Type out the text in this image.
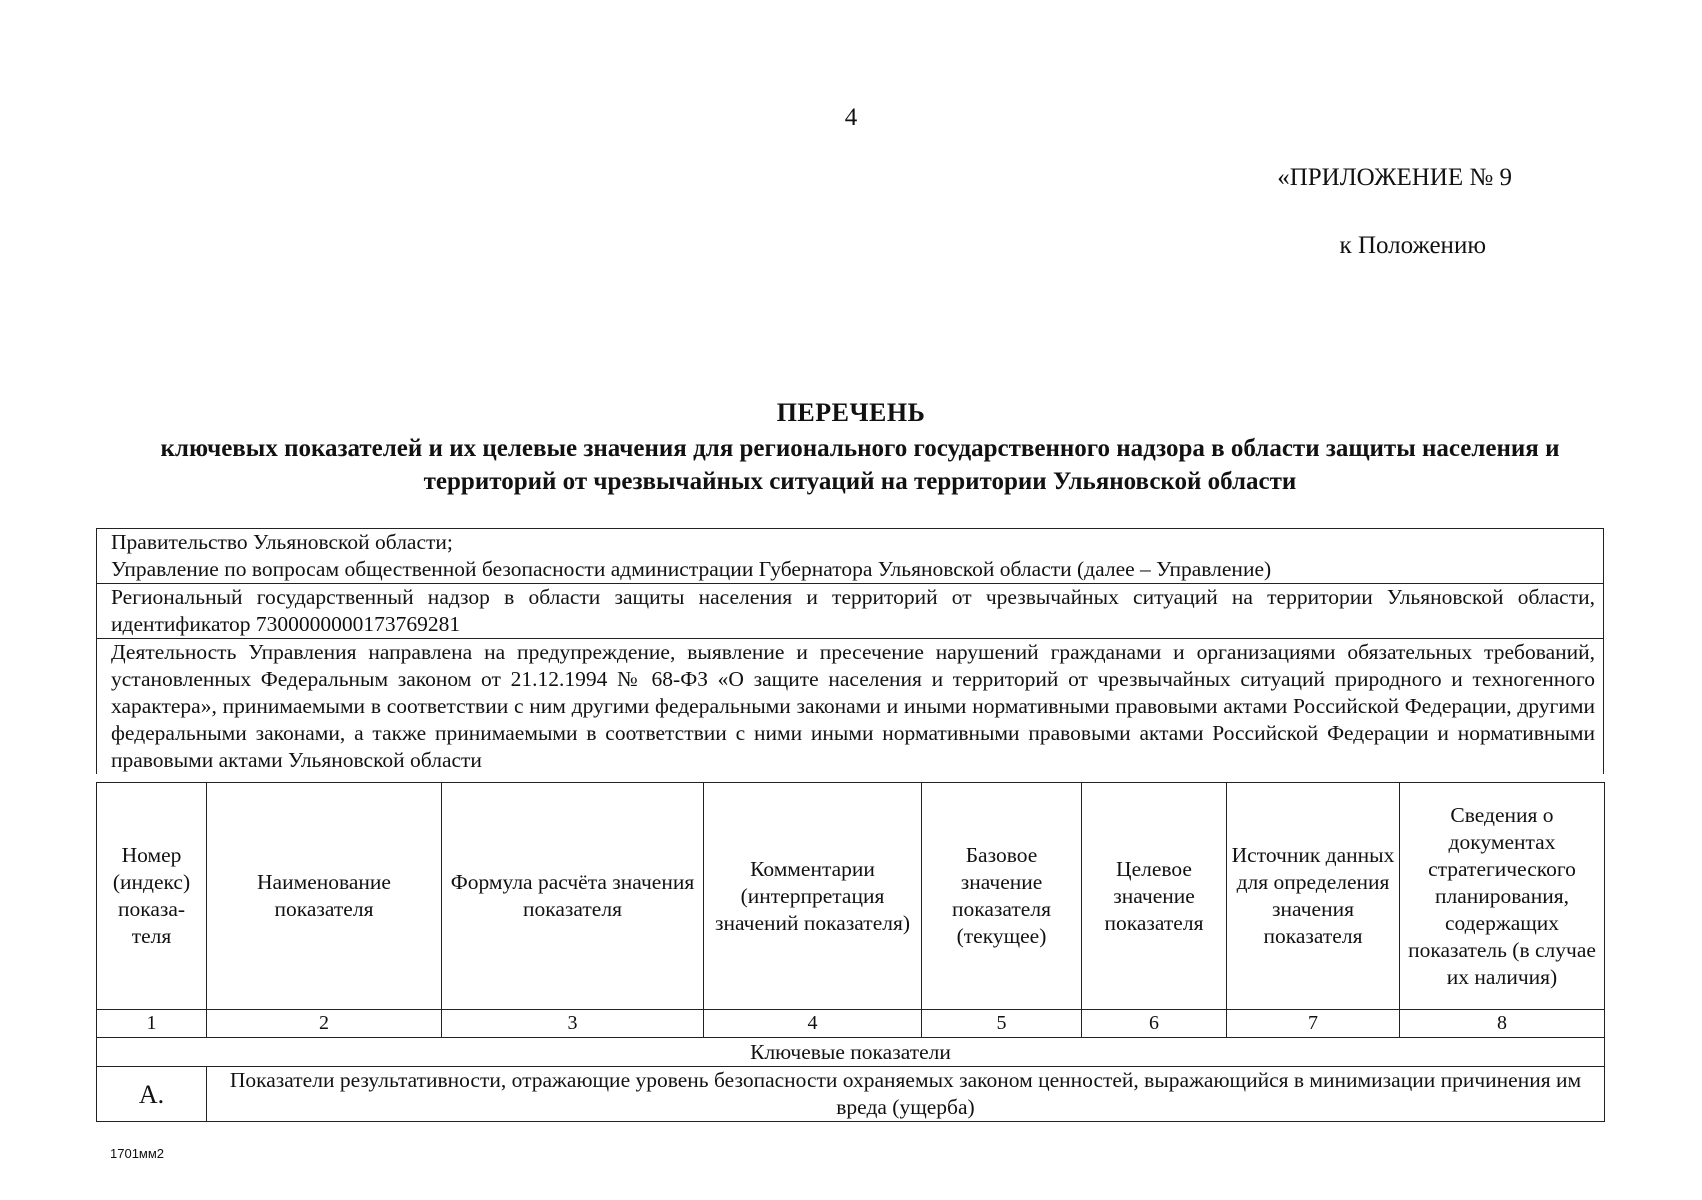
4
«ПРИЛОЖЕНИЕ № 9
к Положению
ПЕРЕЧЕНЬ
ключевых показателей и их целевые значения для регионального государственного надзора в области защиты населения и территорий от чрезвычайных ситуаций на территории Ульяновской области
Правительство Ульяновской области;
Управление по вопросам общественной безопасности администрации Губернатора Ульяновской области (далее – Управление)
Региональный государственный надзор в области защиты населения и территорий от чрезвычайных ситуаций на территории Ульяновской области, идентификатор 7300000000173769281
Деятельность Управления направлена на предупреждение, выявление и пресечение нарушений гражданами и организациями обязательных требований, установленных Федеральным законом от 21.12.1994 № 68-ФЗ «О защите населения и территорий от чрезвычайных ситуаций природного и техногенного характера», принимаемыми в соответствии с ним другими федеральными законами и иными нормативными правовыми актами Российской Федерации, другими федеральными законами, а также принимаемыми в соответствии с ними иными нормативными правовыми актами Российской Федерации и нормативными правовыми актами Ульяновской области
Номер (индекс) показа-теля	Наименование показателя	Формула расчёта значения показателя	Комментарии (интерпретация значений показателя)	Базовое значение показателя (текущее)	Целевое значение показателя	Источник данных для определения значения показателя	Сведения о документах стратегического планирования, содержащих показатель (в случае их наличия)
1	2	3	4	5	6	7	8
Ключевые показатели							
А.	Показатели результативности, отражающие уровень безопасности охраняемых законом ценностей, выражающийся в минимизации причинения им вреда (ущерба)						
1701мм2
